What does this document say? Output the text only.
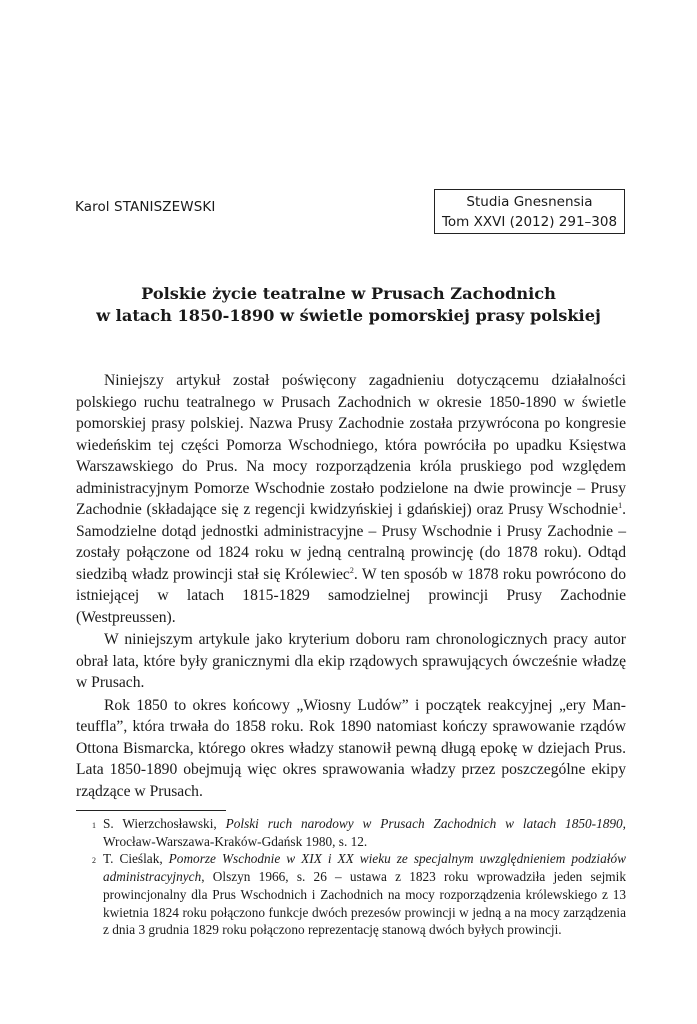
Karol STANISZEWSKI	Studia Gnesnensia
Tom XXVI (2012) 291–308
Polskie życie teatralne w Prusach Zachodnich
w latach 1850-1890 w świetle pomorskiej prasy polskiej

Niniejszy artykuł został poświęcony zagadnieniu dotyczącemu działalności polskiego ruchu teatralnego w Prusach Zachodnich w okresie 1850-1890 w świetle pomorskiej prasy polskiej. Nazwa Prusy Zachodnie została przywrócona po kongresie wiedeńskim tej części Pomorza Wschodniego, która powróciła po upadku Księstwa Warszawskiego do Prus. Na mocy rozporządzenia króla pruskiego pod względem administracyjnym Pomorze Wschodnie zostało podzielone na dwie prowincje – Prusy Zachodnie (składające się z regencji kwidzyńskiej i gdańskiej) oraz Prusy Wschodnie$^1$. Samodzielne dotąd jednostki administracyjne – Prusy Wschodnie i Prusy Zachodnie – zostały połączone od 1824 roku w jedną centralną prowincję (do 1878 roku). Odtąd siedzibą władz prowincji stał się Królewiec$^2$. W ten sposób w 1878 roku powrócono do istniejącej w latach 1815-1829 samodzielnej prowincji Prusy Zachodnie (Westpreussen).

W niniejszym artykule jako kryterium doboru ram chronologicznych pracy autor obrał lata, które były granicznymi dla ekip rządowych sprawujących ówcześnie władzę w Prusach.

Rok 1850 to okres końcowy „Wiosny Ludów” i początek reakcyjnej „ery Manteuffla”, która trwała do 1858 roku. Rok 1890 natomiast kończy sprawowanie rządów Ottona Bismarcka, którego okres władzy stanowił pewną długą epokę w dziejach Prus. Lata 1850-1890 obejmują więc okres sprawowania władzy przez poszczególne ekipy rządzące w Prusach.

1 S. Wierzchosławski, Polski ruch narodowy w Prusach Zachodnich w latach 1850-1890, Wrocław-Warszawa-Kraków-Gdańsk 1980, s. 12.

2 T. Cieślak, Pomorze Wschodnie w XIX i XX wieku ze specjalnym uwzględnieniem podziałów administracyjnych, Olszyn 1966, s. 26 – ustawa z 1823 roku wprowadziła jeden sejmik prowincjonalny dla Prus Wschodnich i Zachodnich na mocy rozporządzenia królewskiego z 13 kwietnia 1824 roku połączono funkcje dwóch prezesów prowincji w jedną a na mocy zarządzenia z dnia 3 grudnia 1829 roku połączono reprezentację stanową dwóch byłych prowincji.
